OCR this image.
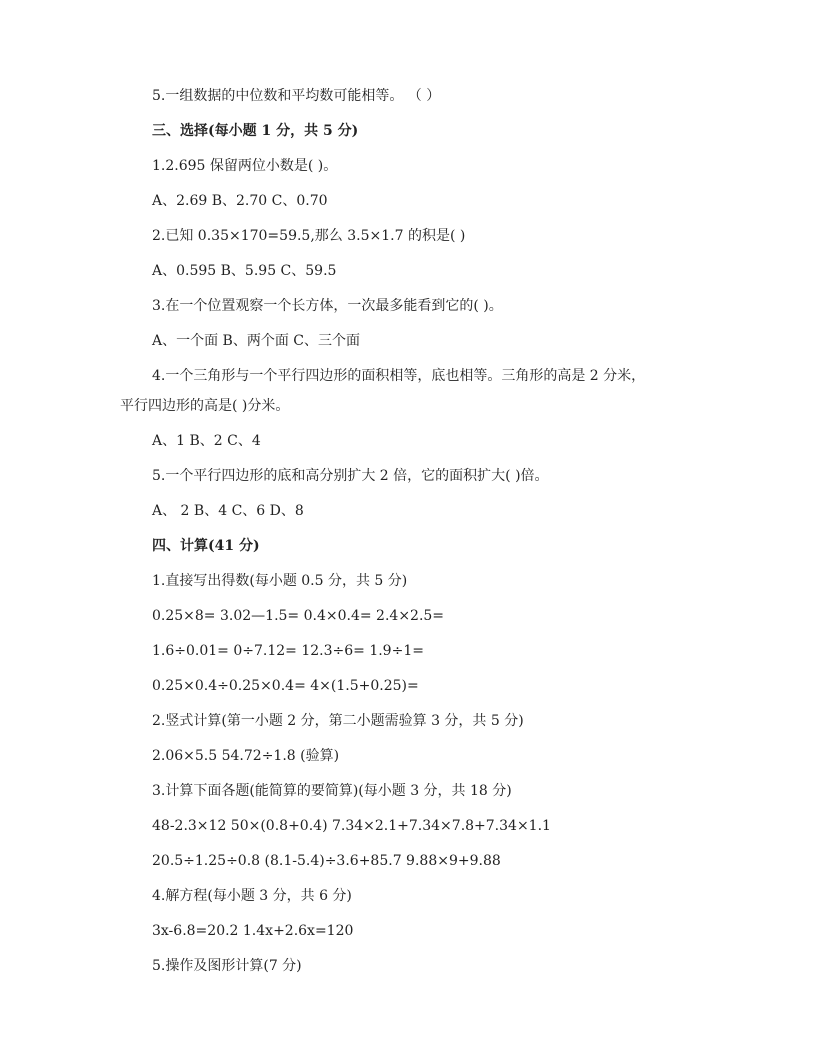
5.一组数据的中位数和平均数可能相等。 （ ）
三、选择(每小题 1 分，共 5 分)
1.2.695 保留两位小数是( )。
A、2.69 B、2.70 C、0.70
2.已知 0.35×170=59.5,那么 3.5×1.7 的积是( )
A、0.595 B、5.95 C、59.5
3.在一个位置观察一个长方体，一次最多能看到它的( )。
A、一个面 B、两个面 C、三个面
4.一个三角形与一个平行四边形的面积相等，底也相等。三角形的高是 2 分米，
平行四边形的高是( )分米。
A、1 B、2 C、4
5.一个平行四边形的底和高分别扩大 2 倍，它的面积扩大( )倍。
A、 2 B、4 C、6 D、8
四、计算(41 分)
1.直接写出得数(每小题 0.5 分，共 5 分)
0.25×8= 3.02—1.5= 0.4×0.4= 2.4×2.5=
1.6÷0.01= 0÷7.12= 12.3÷6= 1.9÷1=
0.25×0.4÷0.25×0.4= 4×(1.5+0.25)=
2.竖式计算(第一小题 2 分，第二小题需验算 3 分，共 5 分)
2.06×5.5 54.72÷1.8 (验算)
3.计算下面各题(能简算的要简算)(每小题 3 分，共 18 分)
48-2.3×12 50×(0.8+0.4) 7.34×2.1+7.34×7.8+7.34×1.1
20.5÷1.25÷0.8 (8.1-5.4)÷3.6+85.7 9.88×9+9.88
4.解方程(每小题 3 分，共 6 分)
3x-6.8=20.2 1.4x+2.6x=120
5.操作及图形计算(7 分)
